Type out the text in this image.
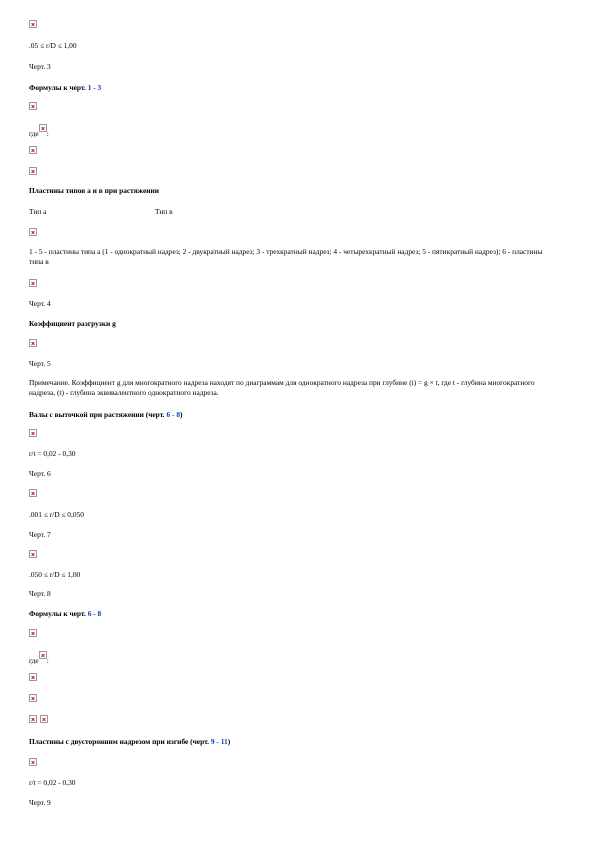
.05 ≤ r/D ≤ 1,00
Черт. 3
Формулы к черт. 1 - 3
где :
Пластины типов a и в при растяжении
Тип a	Тип в
1 - 5 - пластины типа a (1 - однократный надрез; 2 - двукратный надрез; 3 - трехкратный надрез; 4 - четырехкратный надрез; 5 - пятикратный надрез); 6 - пластины типа в
Черт. 4
Коэффициент разгрузки g
Черт. 5
Примечание. Коэффициент g для многократного надреза находят по диаграммам для однократного надреза при глубине (t) = g × t, где t - глубина многократного надреза, (t) - глубина эквивалентного однократного надреза.
Валы с выточкой при растяжении (черт. 6 - 8)
r/t = 0,02 - 0,30
Черт. 6
.001 ≤ r/D ≤ 0,050
Черт. 7
.050 ≤ r/D ≤ 1,00
Черт. 8
Формулы к черт. 6 - 8
где :
Пластины с двусторонним надрезом при изгибе (черт. 9 - 11)
r/t = 0,02 - 0,30
Черт. 9
